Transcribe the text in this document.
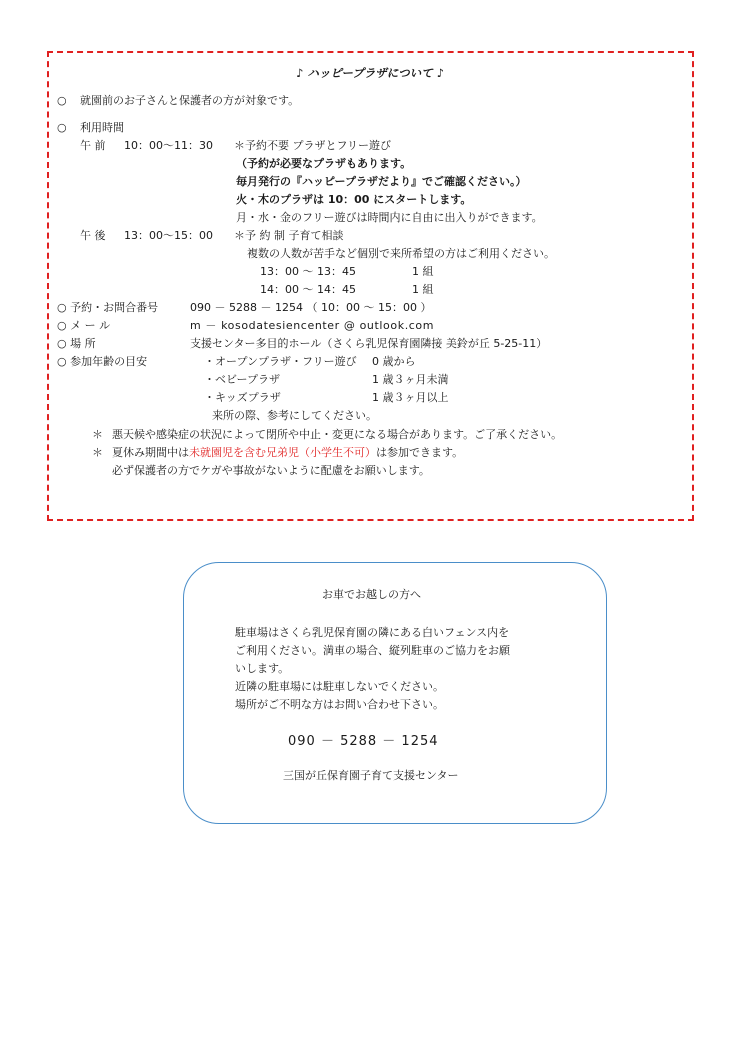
♪ ハッピープラザについて ♪
○ 就園前のお子さんと保護者の方が対象です。
○ 利用時間
午 前 10：00～11：30 ＊予約不要 プラザとフリー遊び
（予約が必要なプラザもあります。
毎月発行の『ハッピープラザだより』でご確認ください。）
火・木のプラザは 10：00 にスタートします。
月・水・金のフリー遊びは時間内に自由に出入りができます。
午 後 13：00～15：00 ＊予 約 制 子育て相談
複数の人数が苦手など個別で来所希望の方はご利用ください。
13：00 ～ 13：45	1 組
14：00 ～ 14：45	1 組
○ 予約・お問合番号	090 － 5288 － 1254 （ 10：00 ～ 15：00 ）
○ メ ー ル	m － kosodatesiencenter @ outlook.com
○ 場 所	支援センター多目的ホール（さくら乳児保育園隣接 美鈴が丘 5-25-11）
○ 参加年齢の目安	・オープンプラザ・フリー遊び 0 歳から
・ベビープラザ	1 歳３ヶ月未満
・キッズプラザ	1 歳３ヶ月以上
来所の際、参考にしてください。
＊ 悪天候や感染症の状況によって閉所や中止・変更になる場合があります。ご了承ください。
＊ 夏休み期間中は未就園児を含む兄弟児（小学生不可）は参加できます。
必ず保護者の方でケガや事故がないように配慮をお願いします。
お車でお越しの方へ
駐車場はさくら乳児保育園の隣にある白いフェンス内を
ご利用ください。満車の場合、縦列駐車のご協力をお願
いします。
近隣の駐車場には駐車しないでください。
場所がご不明な方はお問い合わせ下さい。
090 － 5288 － 1254
三国が丘保育園子育て支援センター
